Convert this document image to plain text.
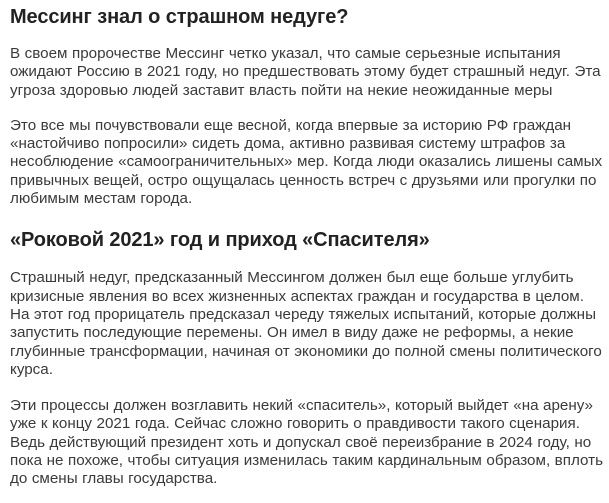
Мессинг знал о страшном недуге?

В своем пророчестве Мессинг четко указал, что самые серьезные испытания ожидают Россию в 2021 году, но предшествовать этому будет страшный недуг. Эта угроза здоровью людей заставит власть пойти на некие неожиданные меры

Это все мы почувствовали еще весной, когда впервые за историю РФ граждан «настойчиво попросили» сидеть дома, активно развивая систему штрафов за несоблюдение «самоограничительных» мер. Когда люди оказались лишены самых привычных вещей, остро ощущалась ценность встреч с друзьями или прогулки по любимым местам города.

«Роковой 2021» год и приход «Спасителя»

Страшный недуг, предсказанный Мессингом должен был еще больше углубить кризисные явления во всех жизненных аспектах граждан и государства в целом. На этот год прорицатель предсказал череду тяжелых испытаний, которые должны запустить последующие перемены. Он имел в виду даже не реформы, а некие глубинные трансформации, начиная от экономики до полной смены политического курса.

Эти процессы должен возглавить некий «спаситель», который выйдет «на арену» уже к концу 2021 года. Сейчас сложно говорить о правдивости такого сценария. Ведь действующий президент хоть и допускал своё переизбрание в 2024 году, но пока не похоже, чтобы ситуация изменилась таким кардинальным образом, вплоть до смены главы государства.
